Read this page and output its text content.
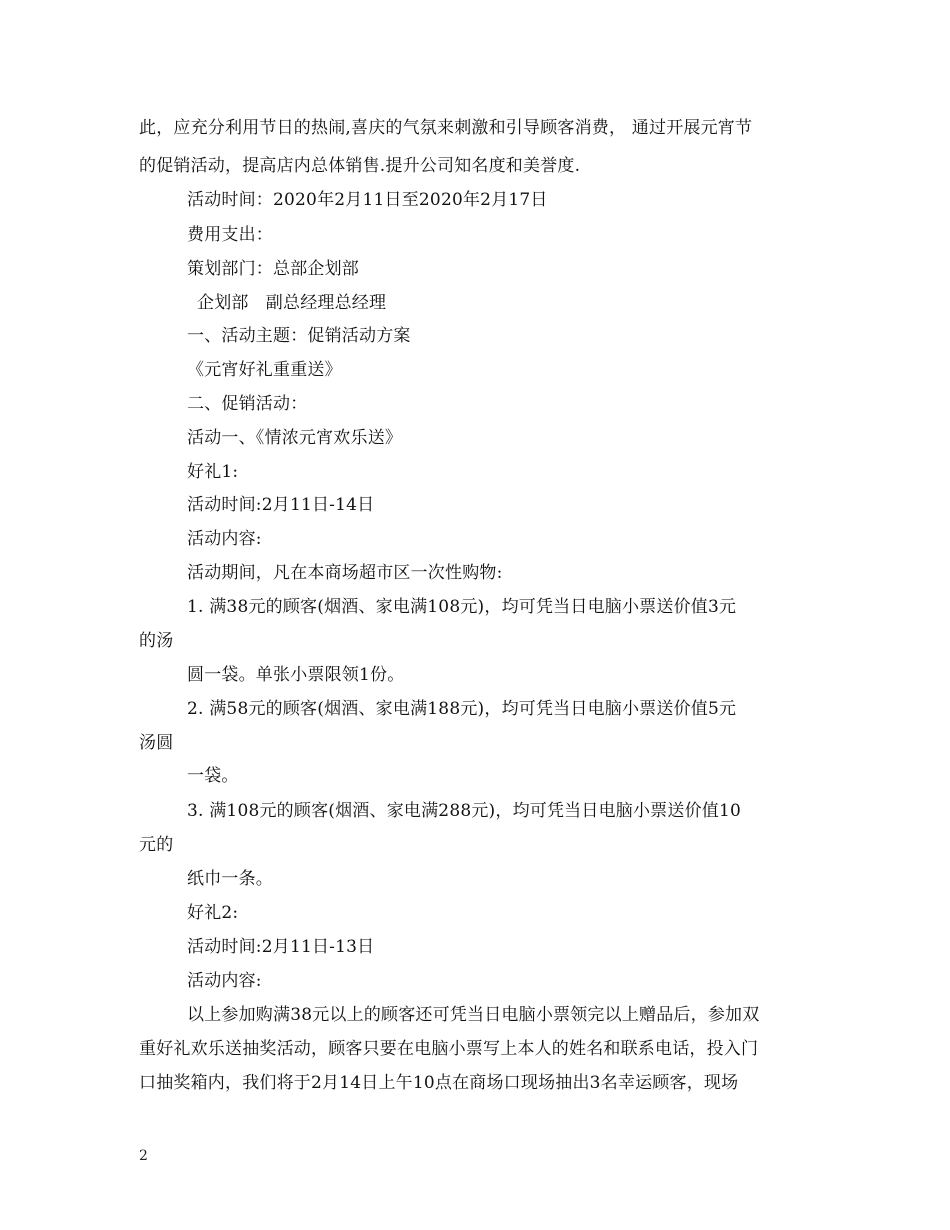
此，应充分利用节日的热闹,喜庆的气氛来刺激和引导顾客消费， 通过开展元宵节
的促销活动，提高店内总体销售.提升公司知名度和美誉度.
活动时间：2020年2月11日至2020年2月17日
费用支出：
策划部门：总部企划部
企划部　副总经理总经理
一、活动主题：促销活动方案
《元宵好礼重重送》
二、促销活动：
活动一、《情浓元宵欢乐送》
好礼1:
活动时间:2月11日-14日
活动内容:
活动期间，凡在本商场超市区一次性购物:
1. 满38元的顾客(烟酒、家电满108元)，均可凭当日电脑小票送价值3元
的汤
圆一袋。单张小票限领1份。
2. 满58元的顾客(烟酒、家电满188元)，均可凭当日电脑小票送价值5元
汤圆
一袋。
3. 满108元的顾客(烟酒、家电满288元)，均可凭当日电脑小票送价值10
元的
纸巾一条。
好礼2:
活动时间:2月11日-13日
活动内容:
以上参加购满38元以上的顾客还可凭当日电脑小票领完以上赠品后，参加双
重好礼欢乐送抽奖活动，顾客只要在电脑小票写上本人的姓名和联系电话，投入门
口抽奖箱内，我们将于2月14日上午10点在商场口现场抽出3名幸运顾客，现场
2
